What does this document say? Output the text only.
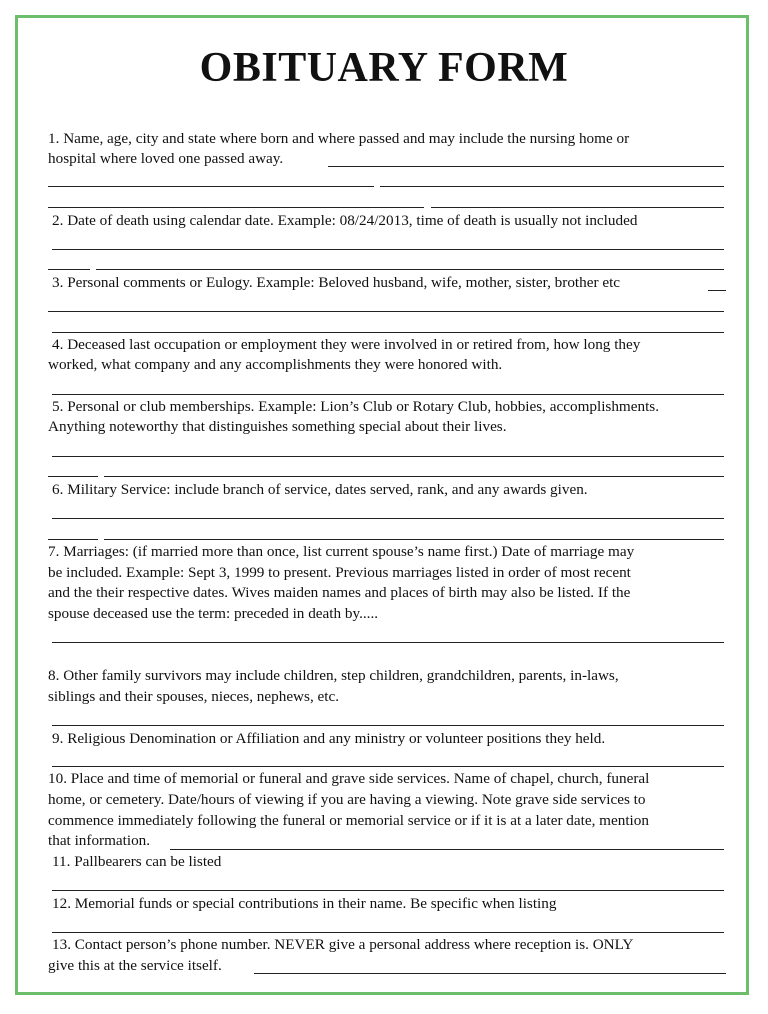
OBITUARY FORM
1. Name, age, city and state where born and where passed and may include the nursing home or
hospital where loved one passed away.
2. Date of death using calendar date. Example: 08/24/2013, time of death is usually not included
3. Personal comments or Eulogy. Example: Beloved husband, wife, mother, sister, brother etc
4. Deceased last occupation or employment they were involved in or retired from, how long they
worked, what company and any accomplishments they were honored with.
5. Personal or club memberships. Example: Lion’s Club or Rotary Club, hobbies, accomplishments.
Anything noteworthy that distinguishes something special about their lives.
6. Military Service: include branch of service, dates served, rank, and any awards given.
7. Marriages: (if married more than once, list current spouse’s name first.) Date of marriage may
be included. Example: Sept 3, 1999 to present. Previous marriages listed in order of most recent
and the their respective dates. Wives maiden names and places of birth may also be listed. If the
spouse deceased use the term: preceded in death by.....
8. Other family survivors may include children, step children, grandchildren, parents, in-laws,
siblings and their spouses, nieces, nephews, etc.
9. Religious Denomination or Affiliation and any ministry or volunteer positions they held.
10. Place and time of memorial or funeral and grave side services. Name of chapel, church, funeral
home, or cemetery. Date/hours of viewing if you are having a viewing. Note grave side services to
commence immediately following the funeral or memorial service or if it is at a later date, mention
that information.
11. Pallbearers can be listed
12. Memorial funds or special contributions in their name. Be specific when listing
13. Contact person’s phone number. NEVER give a personal address where reception is. ONLY
give this at the service itself.
